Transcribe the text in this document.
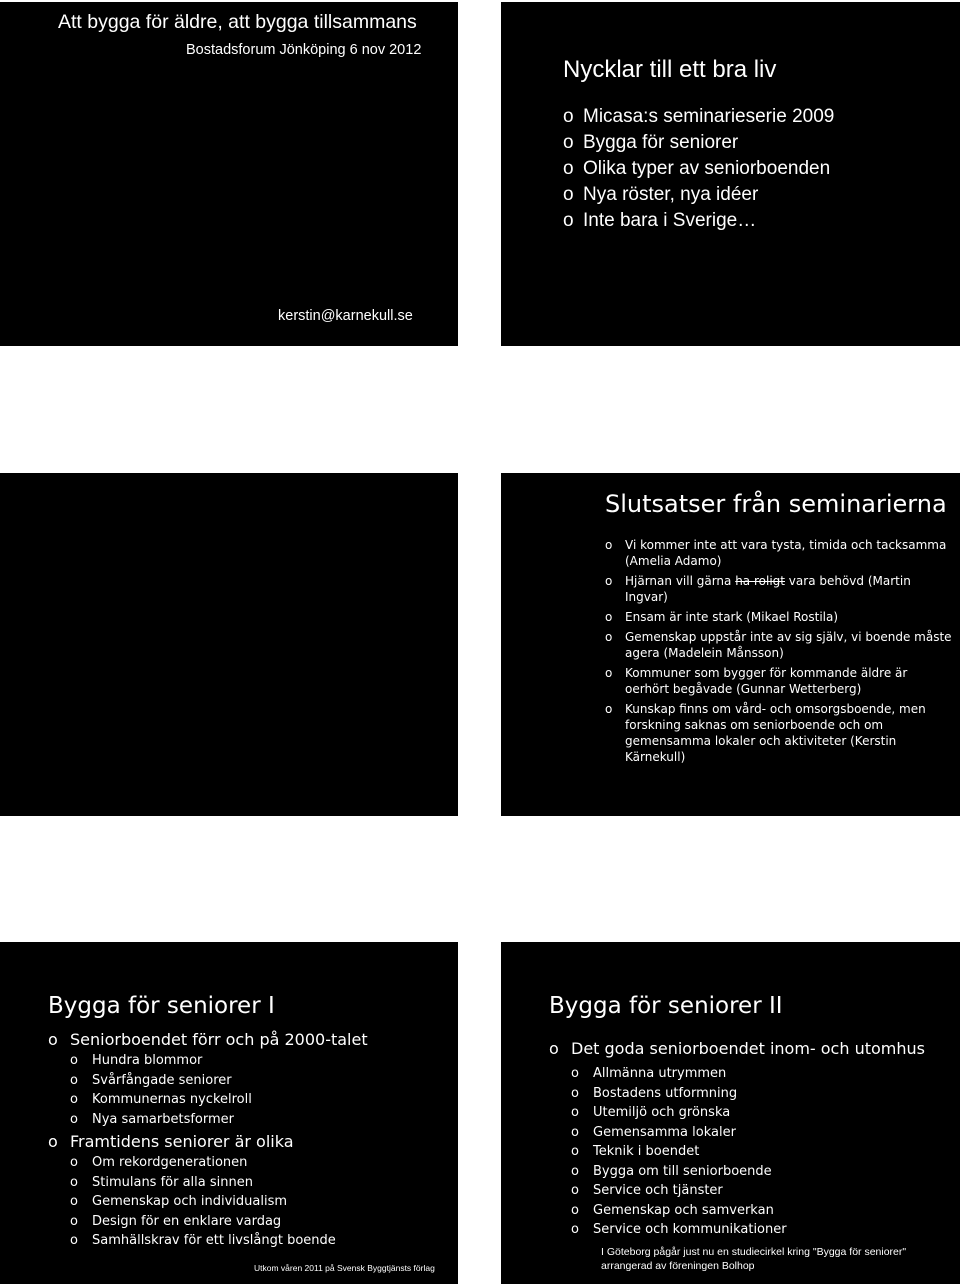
Att bygga för äldre, att bygga tillsammans
Bostadsforum Jönköping 6 nov 2012
kerstin@karnekull.se
Nycklar till ett bra liv
o Micasa:s seminarieserie 2009
o Bygga för seniorer
o Olika typer av seniorboenden
o Nya röster, nya idéer
o Inte bara i Sverige…
Slutsatser från seminarierna
o Vi kommer inte att vara tysta, timida och tacksamma (Amelia Adamo)
o Hjärnan vill gärna ha roligt vara behövd (Martin Ingvar)
o Ensam är inte stark (Mikael Rostila)
o Gemenskap uppstår inte av sig själv, vi boende måste agera (Madelein Månsson)
o Kommuner som bygger för kommande äldre är oerhört begåvade (Gunnar Wetterberg)
o Kunskap finns om vård- och omsorgsboende, men forskning saknas om seniorboende och om gemensamma lokaler och aktiviteter (Kerstin Kärnekull)
Bygga för seniorer I
o Seniorboendet förr och på 2000-talet
o Hundra blommor
o Svårfångade seniorer
o Kommunernas nyckelroll
o Nya samarbetsformer
o Framtidens seniorer är olika
o Om rekordgenerationen
o Stimulans för alla sinnen
o Gemenskap och individualism
o Design för en enklare vardag
o Samhällskrav för ett livslångt boende
Utkom våren 2011 på Svensk Byggtjänsts förlag
Bygga för seniorer II
o Det goda seniorboendet inom- och utomhus
o Allmänna utrymmen
o Bostadens utformning
o Utemiljö och grönska
o Gemensamma lokaler
o Teknik i boendet
o Bygga om till seniorboende
o Service och tjänster
o Gemenskap och samverkan
o Service och kommunikationer
I Göteborg pågår just nu en studiecirkel kring "Bygga för seniorer" arrangerad av föreningen Bolhop
